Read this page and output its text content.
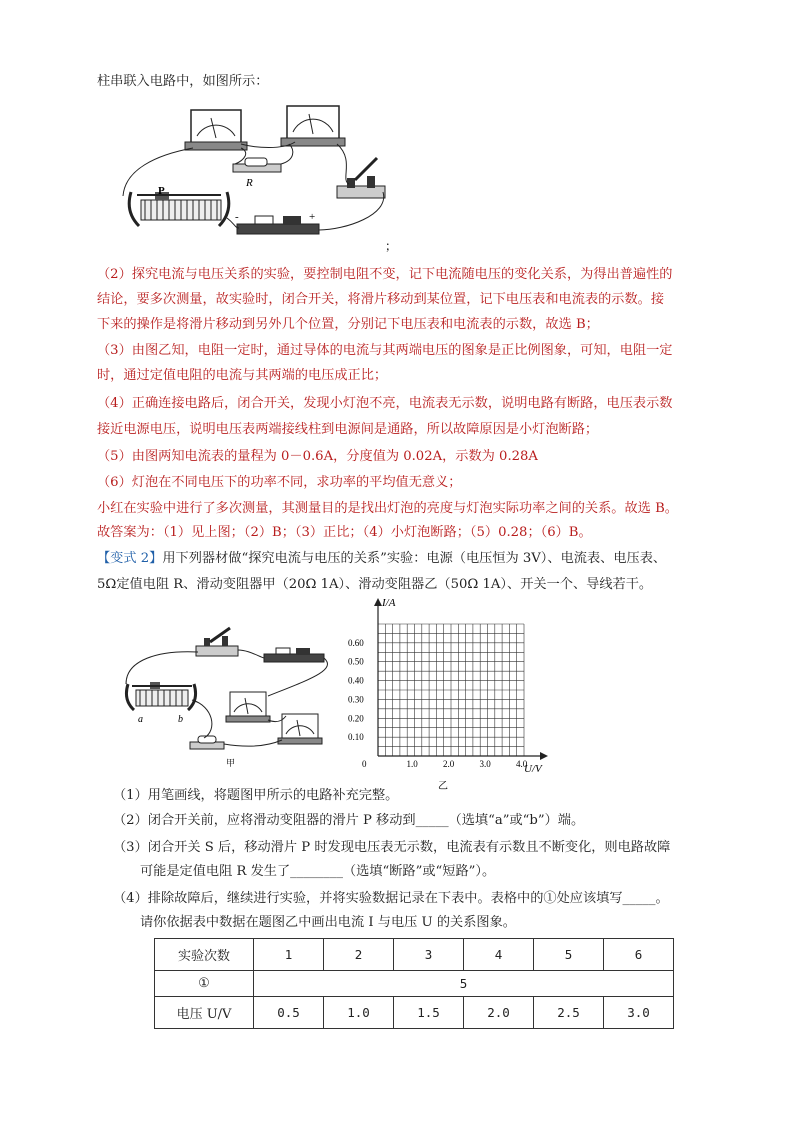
柱串联入电路中，如图所示：
R
P
-	+
；
（2）探究电流与电压关系的实验，要控制电阻不变，记下电流随电压的变化关系，为得出普遍性的
结论，要多次测量，故实验时，闭合开关，将滑片移动到某位置，记下电压表和电流表的示数。接
下来的操作是将滑片移动到另外几个位置，分别记下电压表和电流表的示数，故选 B；
（3）由图乙知，电阻一定时，通过导体的电流与其两端电压的图象是正比例图象，可知，电阻一定
时，通过定值电阻的电流与其两端的电压成正比；
（4）正确连接电路后，闭合开关，发现小灯泡不亮，电流表无示数，说明电路有断路，电压表示数
接近电源电压，说明电压表两端接线柱到电源间是通路，所以故障原因是小灯泡断路；
（5）由图两知电流表的量程为 0－0.6A，分度值为 0.02A，示数为 0.28A
（6）灯泡在不同电压下的功率不同，求功率的平均值无意义；
小红在实验中进行了多次测量，其测量目的是找出灯泡的亮度与灯泡实际功率之间的关系。故选 B。
故答案为：（1）见上图；（2）B；（3）正比；（4）小灯泡断路；（5）0.28；（6）B。
【变式 2】用下列器材做“探究电流与电压的关系”实验：电源（电压恒为 3V）、电流表、电压表、
5Ω定值电阻 R、滑动变阻器甲（20Ω 1A）、滑动变阻器乙（50Ω 1A）、开关一个、导线若干。
a	b
甲
I/A
U/V
0
0.60
0.50
0.40
0.30
0.20
0.10
1.0	2.0	3.0	4.0
乙
（1）用笔画线，将题图甲所示的电路补充完整。
（2）闭合开关前，应将滑动变阻器的滑片 P 移动到_____（选填“a”或“b”）端。
（3）闭合开关 S 后，移动滑片 P 时发现电压表无示数，电流表有示数且不断变化，则电路故障
可能是定值电阻 R 发生了________（选填“断路”或“短路”）。
（4）排除故障后，继续进行实验，并将实验数据记录在下表中。表格中的①处应该填写_____。
请你依据表中数据在题图乙中画出电流 I 与电压 U 的关系图象。
实验次数	1	2	3	4	5	6
①	5					
电压 U/V	0.5	1.0	1.5	2.0	2.5	3.0
